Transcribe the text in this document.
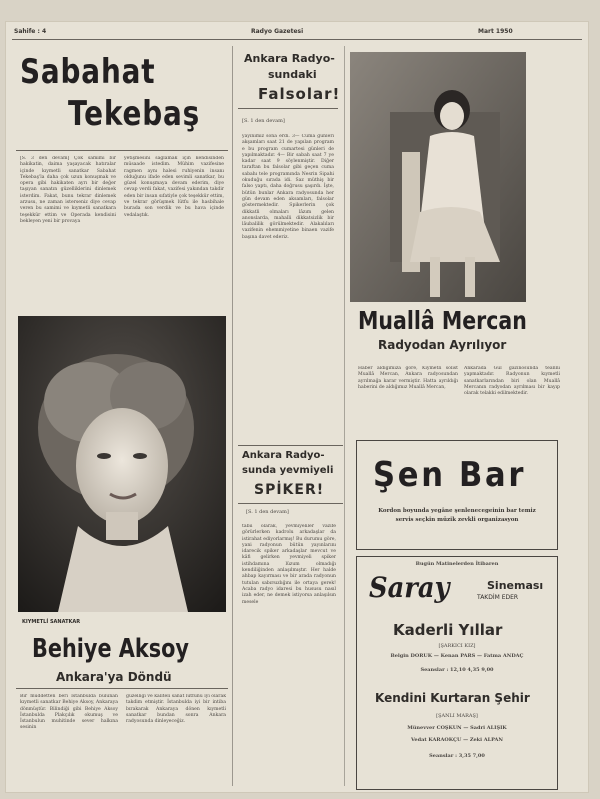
Sahife : 4	Radyo Gazetesi	Mart 1950
Sabahat
Tekebaş
[S. 3 den devam] Çok samimi bir hakikatin, daima yaşayacak hatıralar içinde kıymetli sanatkar Sabahat Tekebaş'la daha çok uzun konuşmak ve opera gibi hakikaten ayrı bir değer taşıyan sanatın güzelliklerini dinlemek isterdim. Fakat, bunu tekrar dinlemek arzusu, ne zaman isterseniz diye cevap veren bu samimi ve kıymetli sanatkara teşekkür ettim ve Operada kendisini bekleyen yeni bir provaya
yetişmesini sağlamak için kendisinden müsaade istedim. Mühim vazifesine ragmen aynı halesi ruhiyenin insanı olduğunu ifade eden sevimli sanatkar, bu güzel konuşmaya devam ederim, diye cevap verdi fakat, vazifesi yakından takdir eden bir insan sıfatiyle çok teşekkür ettim, ve tekrar görüşmek lütfu ile hasbihale burada son verdik ve bu hava içinde vedalaştık.
KIYMETLİ SANATKAR
Behiye Aksoy
Ankara'ya Döndü
Bir müddetten beri İstanbulda bulunan kıymetli sanatkar Behiye Aksoy, Ankaraya dönmüştür. Bilindiği gibi Behiye Aksoy İstanbulda Plakçılık okumuş ve İstanbulun muhitinde sever halkına sesinin
güzelliği ve kaliteli sanat lütfunu iyi olarak takdim etmiştir. İstanbulda iyi bir intiba bırakarak Ankaraya dönen kıymetli sanatkar bundan sonra Ankara radyosunda dinleyeceğiz.
Ankara Radyo-
sundaki
Falsolar!
[S. 1 den devam]
yayınımız sona erdi. 3— Cuma günleri akşamları saat 21 de yapılan program e bu program cumartesi günleri de yapılmaktadır. 4— Bir sabah saat 7 ye kadar saat 9 söylenmiştir. Diğer taraftan bu falsolar gibi geçen cuma sabahı tele programında Nesrin Sipahi okuduğu sırada idi. Saz müthiş bir falso yaptı, daha doğrusu şaşırdı. İşte, bütün bunlar Ankara radyosunda her gün devam eden aksamları, falsolar göstermektedir. Spikerlerin çok dikkatli olmaları lâzım gelen anonslarda, mahalli dikkatsizlik bir lâubalilik görülmektedir. Alakalıları vazifenin ehemmiyetine binaen vazife başına davet ederiz.
Ankara Radyo-
sunda yevmiyeli
SPİKER!
[S. 1 den devam]
tabii olarak, yevmiyeliler vazife görürlerken kadrolu arkadaşlar da istirahat ediyorlarmış! Bu durumu göre, yani radyonun bütün yayınlarını idarecik spiker arkadaşlar mevcut ve kâfi gelirken yevmiyeli spiker istihdamına lüzum olmadığı kendiliğinden anlaşılmıştır. Her halde ahbap kayırması ve bir arada radyonun tutulan sabırsızlığını ile ortaya gerek! Acaba radyo idaresi bu hususu nasıl izah eder, ne demek istiyorsa anlaşılsın mesele
Muallâ Mercan
Radyodan Ayrılıyor
Haber aldığımıza göre, Kıymetli solist Muallâ Mercan, Ankara radyosundan ayrılmağa karar vermiştir. Hatta ayrıldığı haberini de aldığımız Muallâ Mercan,
Ankarada Gül gazinosunda teanni yapmaktadır. Radyonun kıymetli sanatkarlarından biri olan Muallâ Mercanın radyodan ayrılması bir kayıp olarak telakki edilmektedir.
Şen Bar
Kordon boyunda yegâne şenlenecegeinin bar temiz servis seçkin müzik zevkli organizasyon
Bugün Matinelerden İtibaren
Saray	Sineması
TAKDİM EDER
Kaderli Yıllar
[ŞARKICI KIZ]
Belgin DORUK — Kenan PARS — Fatma ANDAÇ
Seanslar : 12,10 4,35 9,00
Kendini Kurtaran Şehir
[ŞANLI MARAŞ]
Münevver COŞKUN — Sadri ALIŞIK
Vedat KARAOKÇU — Zeki ALPAN
Seanslar : 3,35 7,00
